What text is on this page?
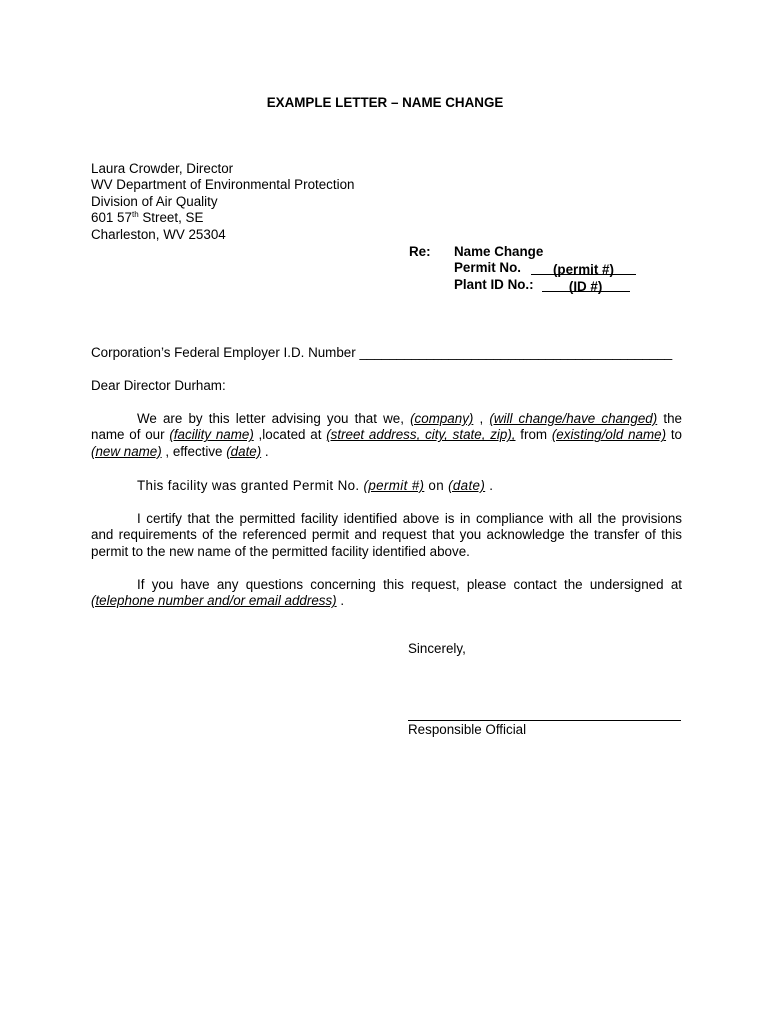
EXAMPLE LETTER – NAME CHANGE
Laura Crowder, Director
WV Department of Environmental Protection
Division of Air Quality
601 57th Street, SE
Charleston, WV 25304
Re: Name Change
Permit No. (permit #)
Plant ID No.:	(ID #)
Corporation’s Federal Employer I.D. Number __________________________________________
Dear Director Durham:
We are by this letter advising you that we, (company) , (will change/have changed) the name of our (facility name) ,located at (street address, city, state, zip), from (existing/old name) to (new name) , effective (date) .
This facility was granted Permit No. (permit #) on (date) .
I certify that the permitted facility identified above is in compliance with all the provisions and requirements of the referenced permit and request that you acknowledge the transfer of this permit to the new name of the permitted facility identified above.
If you have any questions concerning this request, please contact the undersigned at (telephone number and/or email address) .
Sincerely,
Responsible Official
